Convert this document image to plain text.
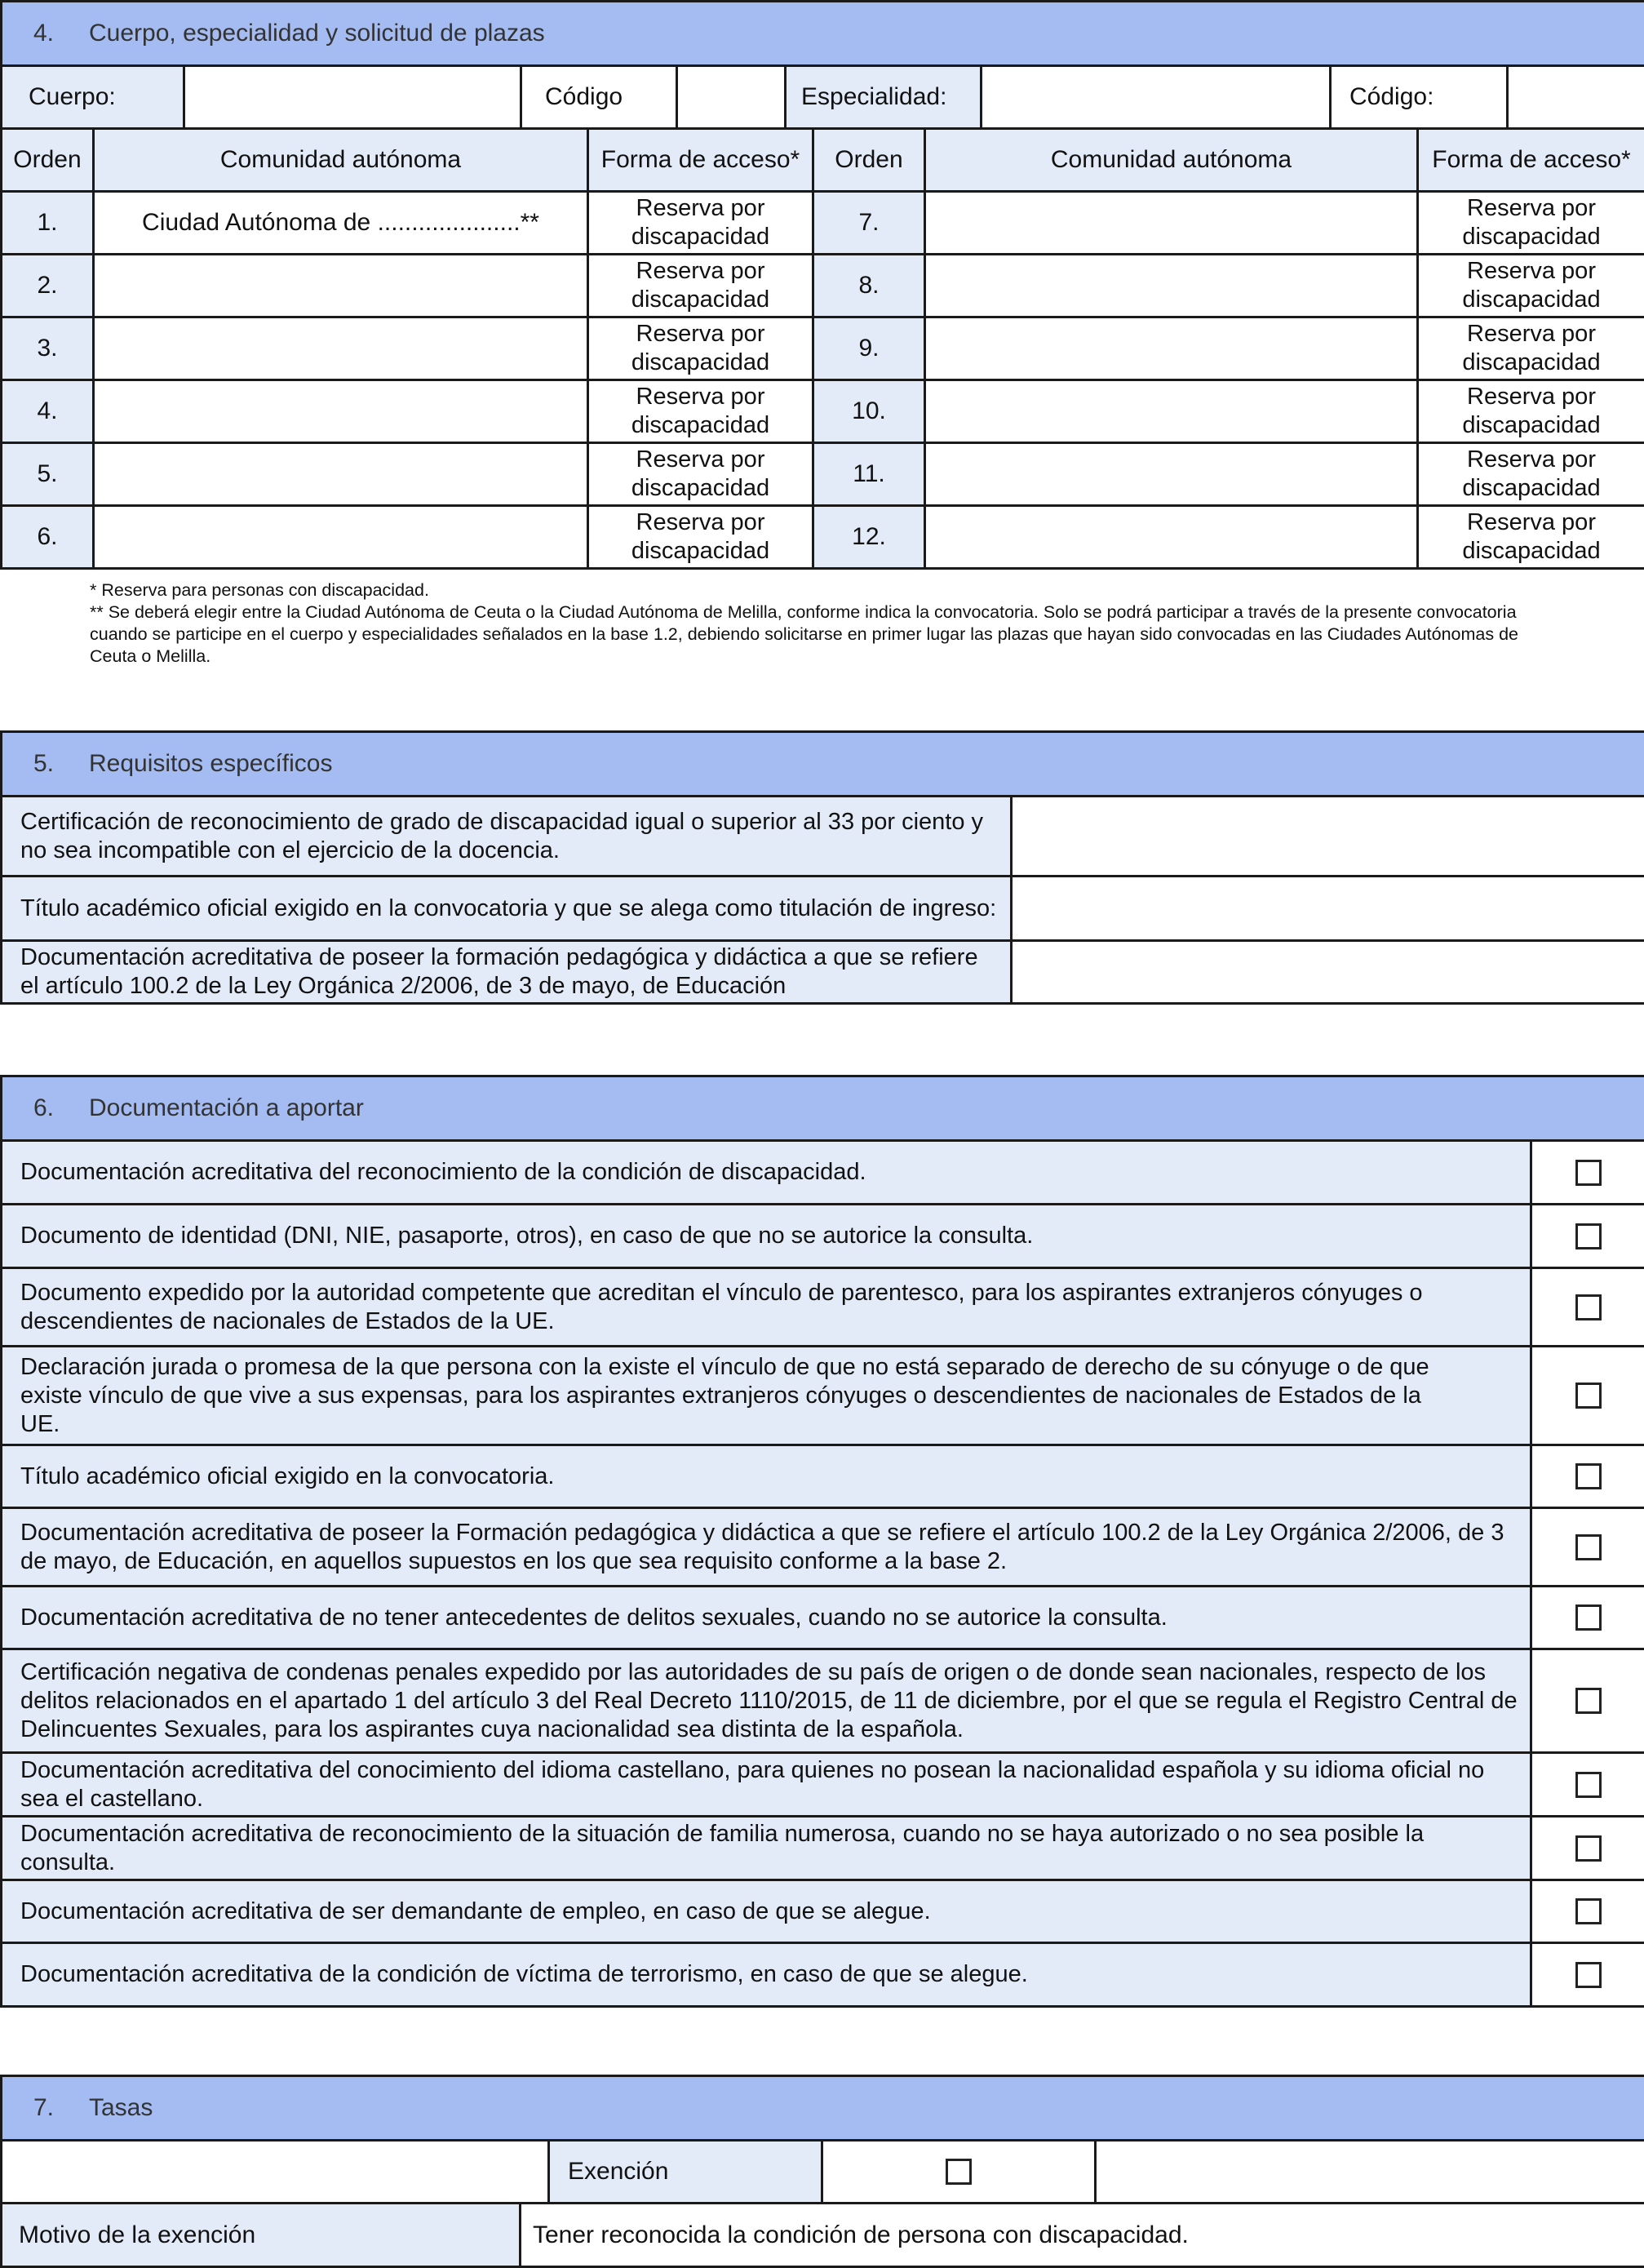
4. Cuerpo, especialidad y solicitud de plazas
Cuerpo:		Código		Especialidad:		Código:	
Orden	Comunidad autónoma	Forma de acceso*	Orden	Comunidad autónoma	Forma de acceso*
1.	Ciudad Autónoma de .....................**	Reserva por discapacidad	7.		Reserva por discapacidad
2.		Reserva por discapacidad	8.		Reserva por discapacidad
3.		Reserva por discapacidad	9.		Reserva por discapacidad
4.		Reserva por discapacidad	10.		Reserva por discapacidad
5.		Reserva por discapacidad	11.		Reserva por discapacidad
6.		Reserva por discapacidad	12.		Reserva por discapacidad
* Reserva para personas con discapacidad.
** Se deberá elegir entre la Ciudad Autónoma de Ceuta o la Ciudad Autónoma de Melilla, conforme indica la convocatoria. Solo se podrá participar a través de la presente convocatoria cuando se participe en el cuerpo y especialidades señalados en la base 1.2, debiendo solicitarse en primer lugar las plazas que hayan sido convocadas en las Ciudades Autónomas de Ceuta o Melilla.
5. Requisitos específicos	
Certificación de reconocimiento de grado de discapacidad igual o superior al 33 por ciento y no sea incompatible con el ejercicio de la docencia.	
Título académico oficial exigido en la convocatoria y que se alega como titulación de ingreso:	
Documentación acreditativa de poseer la formación pedagógica y didáctica a que se refiere el artículo 100.2 de la Ley Orgánica 2/2006, de 3 de mayo, de Educación	
6. Documentación a aportar	
Documentación acreditativa del reconocimiento de la condición de discapacidad.	
Documento de identidad (DNI, NIE, pasaporte, otros), en caso de que no se autorice la consulta.	
Documento expedido por la autoridad competente que acreditan el vínculo de parentesco, para los aspirantes extranjeros cónyuges o descendientes de nacionales de Estados de la UE.	
Declaración jurada o promesa de la que persona con la existe el vínculo de que no está separado de derecho de su cónyuge o de que existe vínculo de que vive a sus expensas, para los aspirantes extranjeros cónyuges o descendientes de nacionales de Estados de la UE.	
Título académico oficial exigido en la convocatoria.	
Documentación acreditativa de poseer la Formación pedagógica y didáctica a que se refiere el artículo 100.2 de la Ley Orgánica 2/2006, de 3 de mayo, de Educación, en aquellos supuestos en los que sea requisito conforme a la base 2.	
Documentación acreditativa de no tener antecedentes de delitos sexuales, cuando no se autorice la consulta.	
Certificación negativa de condenas penales expedido por las autoridades de su país de origen o de donde sean nacionales, respecto de los delitos relacionados en el apartado 1 del artículo 3 del Real Decreto 1110/2015, de 11 de diciembre, por el que se regula el Registro Central de Delincuentes Sexuales, para los aspirantes cuya nacionalidad sea distinta de la española.	
Documentación acreditativa del conocimiento del idioma castellano, para quienes no posean la nacionalidad española y su idioma oficial no sea el castellano.	
Documentación acreditativa de reconocimiento de la situación de familia numerosa, cuando no se haya autorizado o no sea posible la consulta.	
Documentación acreditativa de ser demandante de empleo, en caso de que se alegue.	
Documentación acreditativa de la condición de víctima de terrorismo, en caso de que se alegue.	
7. Tasas				
		Exención		
Motivo de la exención	Tener reconocida la condición de persona con discapacidad.			
